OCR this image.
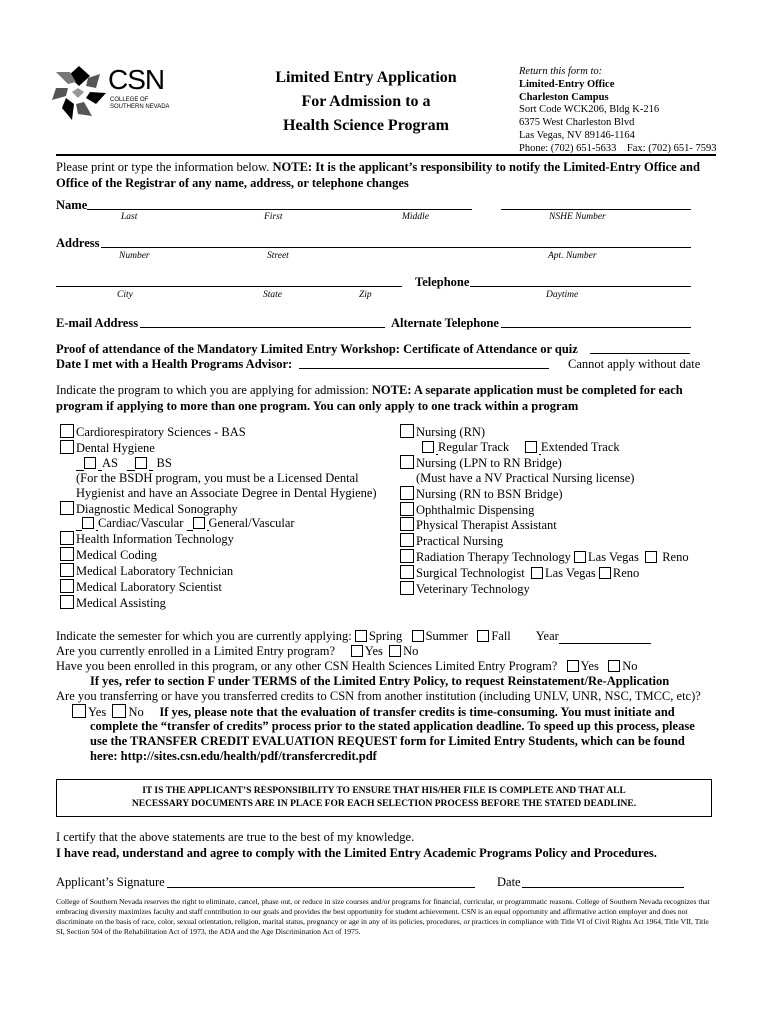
CSN
COLLEGE OF
SOUTHERN NEVADA
Limited Entry Application
For Admission to a
Health Science Program
Return this form to:
Limited-Entry Office
Charleston Campus
Sort Code WCK206, Bldg K-216
6375 West Charleston Blvd
Las Vegas, NV 89146-1164
Phone: (702) 651-5633 Fax: (702) 651- 7593
Please print or type the information below. NOTE: It is the applicant’s responsibility to notify the Limited-Entry Office and Office of the Registrar of any name, address, or telephone changes
Name
Last	First	Middle	NSHE Number
Address
Number	Street	Apt. Number
Telephone
City	State	Zip	Daytime
E-mail Address	Alternate Telephone
Proof of attendance of the Mandatory Limited Entry Workshop: Certificate of Attendance or quiz
Date I met with a Health Programs Advisor:	Cannot apply without date
Indicate the program to which you are applying for admission: NOTE: A separate application must be completed for each
program if applying to more than one program. You can only apply to one track within a program
Cardiorespiratory Sciences - BAS
Dental Hygiene
AS	BS
(For the BSDH program, you must be a Licensed Dental
Hygienist and have an Associate Degree in Dental Hygiene)
Diagnostic Medical Sonography
Cardiac/Vascular General/Vascular
Health Information Technology
Medical Coding
Medical Laboratory Technician
Medical Laboratory Scientist
Medical Assisting
Nursing (RN)
Regular Track	Extended Track
Nursing (LPN to RN Bridge)
(Must have a NV Practical Nursing license)
Nursing (RN to BSN Bridge)
Ophthalmic Dispensing
Physical Therapist Assistant
Practical Nursing
Radiation Therapy Technology Las Vegas Reno
Surgical Technologist Las Vegas Reno
Veterinary Technology
Indicate the semester for which you are currently applying: Spring Summer Fall Year
Are you currently enrolled in a Limited Entry program? Yes No
Have you been enrolled in this program, or any other CSN Health Sciences Limited Entry Program? Yes No
If yes, refer to section F under TERMS of the Limited Entry Policy, to request Reinstatement/Re-Application
Are you transferring or have you transferred credits to CSN from another institution (including UNLV, UNR, NSC, TMCC, etc)?
Yes No If yes, please note that the evaluation of transfer credits is time-consuming. You must initiate and
complete the “transfer of credits” process prior to the stated application deadline. To speed up this process, please
use the TRANSFER CREDIT EVALUATION REQUEST form for Limited Entry Students, which can be found
here: http://sites.csn.edu/health/pdf/transfercredit.pdf
IT IS THE APPLICANT’S RESPONSIBILITY TO ENSURE THAT HIS/HER FILE IS COMPLETE AND THAT ALL
NECESSARY DOCUMENTS ARE IN PLACE FOR EACH SELECTION PROCESS BEFORE THE STATED DEADLINE.
I certify that the above statements are true to the best of my knowledge.
I have read, understand and agree to comply with the Limited Entry Academic Programs Policy and Procedures.
Applicant’s Signature	Date
College of Southern Nevada reserves the right to eliminate, cancel, phase out, or reduce in size courses and/or programs for financial, curricular, or programmatic reasons. College of Southern Nevada recognizes that embracing diversity maximizes faculty and staff contribution to our goals and provides the best opportunity for student achievement. CSN is an equal opportunity and affirmative action employer and does not discriminate on the basis of race, color, sexual orientation, religion, marital status, pregnancy or age in any of its policies, procedures, or practices in compliance with Title VI of Civil Rights Act 1964, Title VII, Title SI, Section 504 of the Rehabilitation Act of 1973, the ADA and the Age Discrimination Act of 1975.
